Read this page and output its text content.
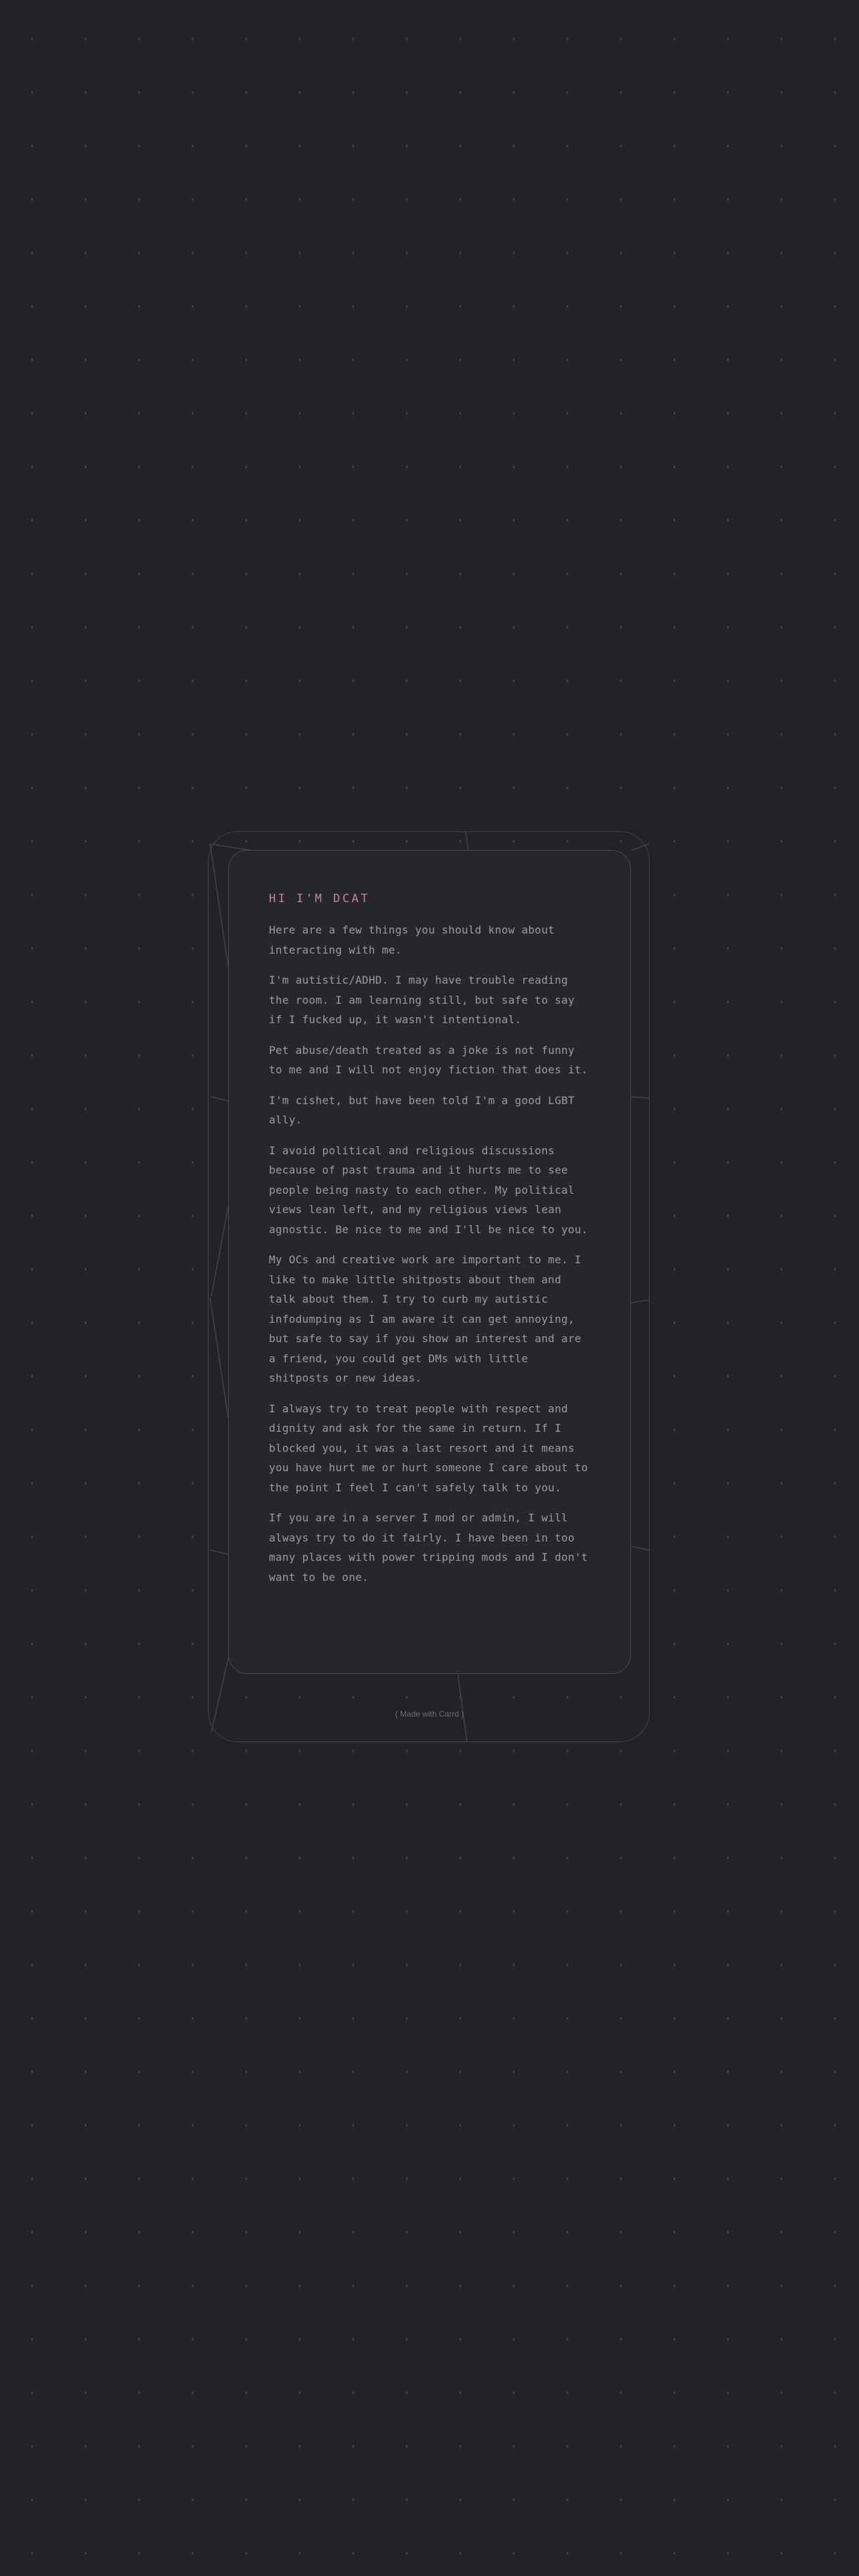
HI I'M DCAT

Here are a few things you should know about interacting with me.

I'm autistic/ADHD. I may have trouble reading the room. I am learning still, but safe to say if I fucked up, it wasn't intentional.

Pet abuse/death treated as a joke is not funny to me and I will not enjoy fiction that does it.

I'm cishet, but have been told I'm a good LGBT ally.

I avoid political and religious discussions because of past trauma and it hurts me to see people being nasty to each other. My political views lean left, and my religious views lean agnostic. Be nice to me and I'll be nice to you.

My OCs and creative work are important to me. I like to make little shitposts about them and talk about them. I try to curb my autistic infodumping as I am aware it can get annoying, but safe to say if you show an interest and are a friend, you could get DMs with little shitposts or new ideas.

I always try to treat people with respect and dignity and ask for the same in return. If I blocked you, it was a last resort and it means you have hurt me or hurt someone I care about to the point I feel I can't safely talk to you.

If you are in a server I mod or admin, I will always try to do it fairly. I have been in too many places with power tripping mods and I don't want to be one.

( Made with Carrd )
